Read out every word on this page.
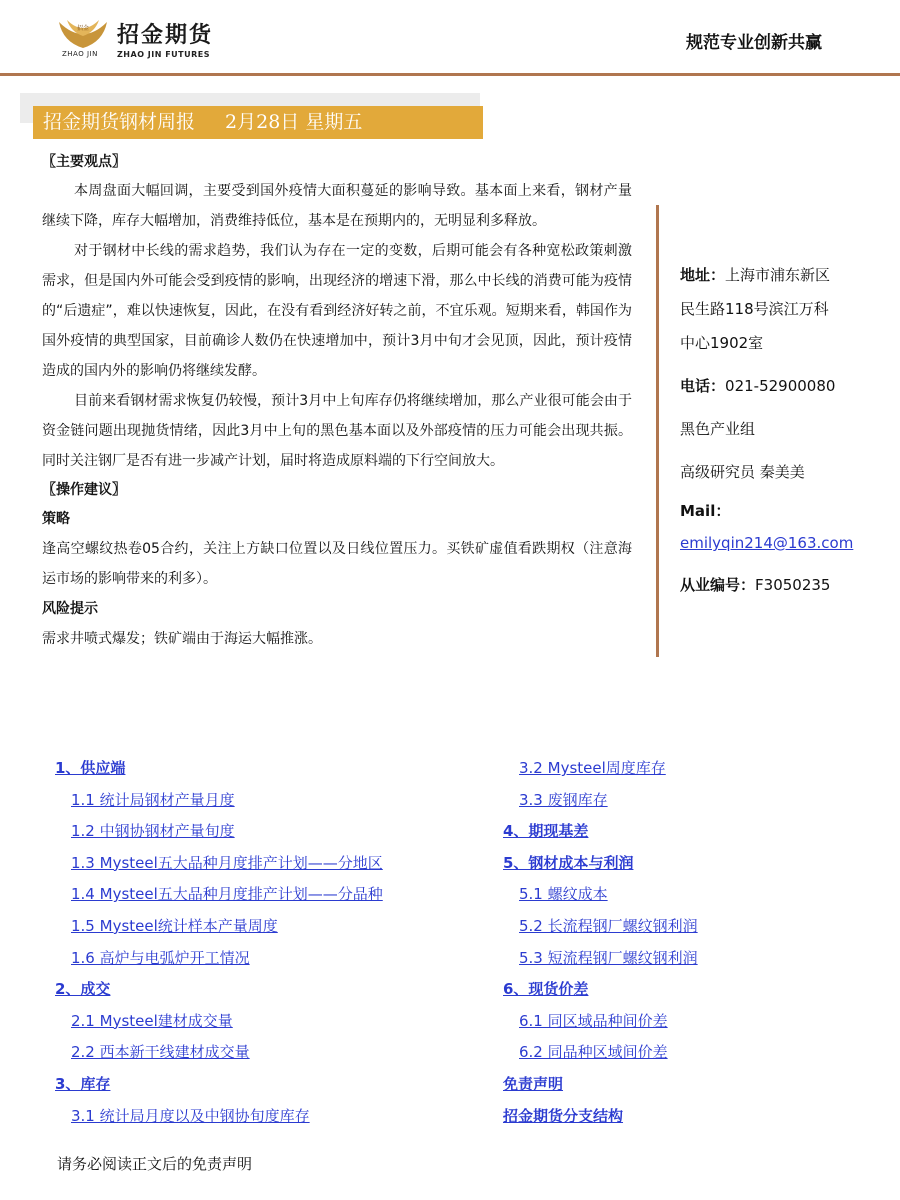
招金 招金期货
ZHAO JIN ZHAO JIN FUTURES
规范专业创新共赢
招金期货钢材周报 2月28日 星期五
〖主要观点〗

本周盘面大幅回调，主要受到国外疫情大面积蔓延的影响导致。基本面上来看，钢材产量继续下降，库存大幅增加，消费维持低位，基本是在预期内的，无明显利多释放。

对于钢材中长线的需求趋势，我们认为存在一定的变数，后期可能会有各种宽松政策刺激需求，但是国内外可能会受到疫情的影响，出现经济的增速下滑，那么中长线的消费可能为疫情的“后遗症”，难以快速恢复，因此，在没有看到经济好转之前，不宜乐观。短期来看，韩国作为国外疫情的典型国家，目前确诊人数仍在快速增加中，预计3月中旬才会见顶，因此，预计疫情造成的国内外的影响仍将继续发酵。

目前来看钢材需求恢复仍较慢，预计3月中上旬库存仍将继续增加，那么产业很可能会由于资金链问题出现抛货情绪，因此3月中上旬的黑色基本面以及外部疫情的压力可能会出现共振。同时关注钢厂是否有进一步减产计划，届时将造成原料端的下行空间放大。

〖操作建议〗
策略

逢高空螺纹热卷05合约，关注上方缺口位置以及日线位置压力。买铁矿虚值看跌期权（注意海运市场的影响带来的利多）。

风险提示

需求井喷式爆发；铁矿端由于海运大幅推涨。

地址：上海市浦东新区
民生路118号滨江万科
中心1902室
电话：021-52900080
黑色产业组
高级研究员 秦美美
Mail：
emilyqin214@163.com
从业编号：F3050235
1、供应端
1.1 统计局钢材产量月度
1.2 中钢协钢材产量旬度
1.3 Mysteel五大品种月度排产计划——分地区
1.4 Mysteel五大品种月度排产计划——分品种
1.5 Mysteel统计样本产量周度
1.6 高炉与电弧炉开工情况
2、成交
2.1 Mysteel建材成交量
2.2 西本新干线建材成交量
3、库存
3.1 统计局月度以及中钢协旬度库存
3.2 Mysteel周度库存
3.3 废钢库存
4、期现基差
5、钢材成本与利润
5.1 螺纹成本
5.2 长流程钢厂螺纹钢利润
5.3 短流程钢厂螺纹钢利润
6、现货价差
6.1 同区域品种间价差
6.2 同品种区域间价差
免责声明
招金期货分支结构
请务必阅读正文后的免责声明
